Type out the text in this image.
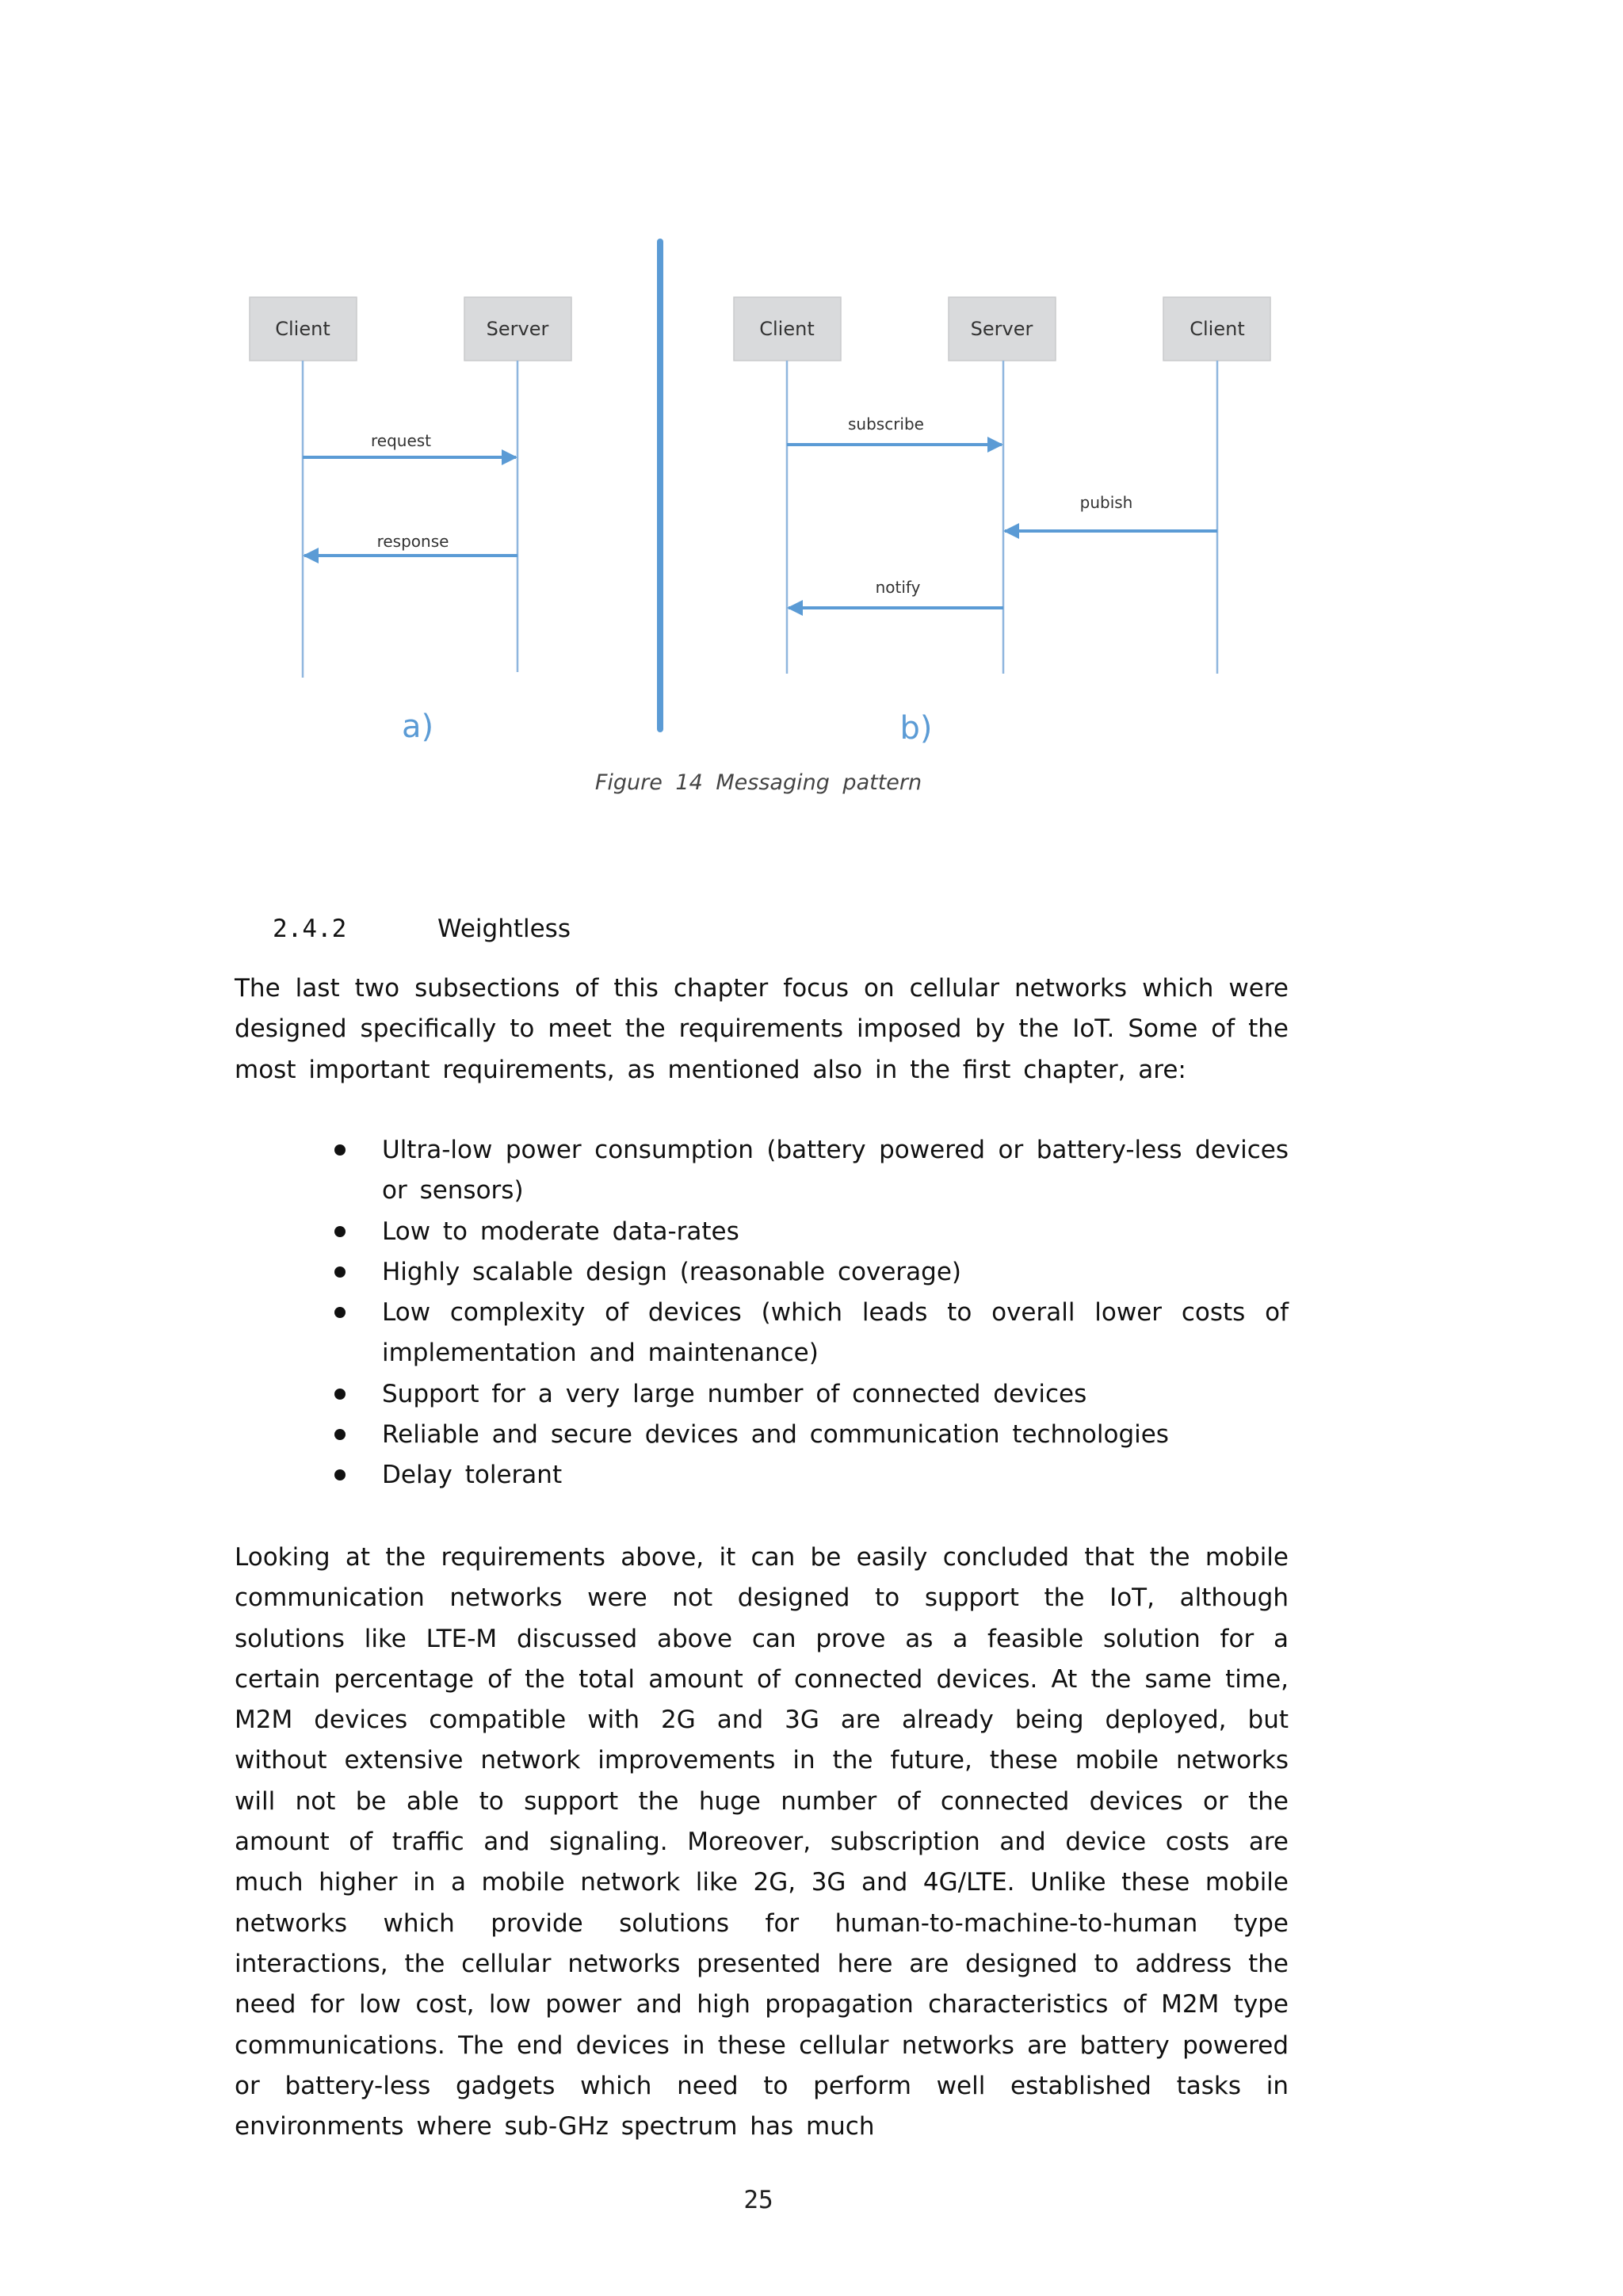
Client	Server
request
response
a)
Client	Server	Client
subscribe
pubish
notify
b)
Figure 14 Messaging pattern
2.4.2	Weightless

The last two subsections of this chapter focus on cellular networks which were designed specifically to meet the requirements imposed by the IoT. Some of the most important requirements, as mentioned also in the first chapter, are:

Ultra-low power consumption (battery powered or battery-less devices or sensors)
Low to moderate data-rates
Highly scalable design (reasonable coverage)
Low complexity of devices (which leads to overall lower costs of implementation and maintenance)
Support for a very large number of connected devices
Reliable and secure devices and communication technologies
Delay tolerant

Looking at the requirements above, it can be easily concluded that the mobile communication networks were not designed to support the IoT, although solutions like LTE-M discussed above can prove as a feasible solution for a certain percentage of the total amount of connected devices. At the same time, M2M devices compatible with 2G and 3G are already being deployed, but without extensive network improvements in the future, these mobile networks will not be able to support the huge number of connected devices or the amount of traffic and signaling. Moreover, subscription and device costs are much higher in a mobile network like 2G, 3G and 4G/LTE. Unlike these mobile networks which provide solutions for human-to-machine-to-human type interactions, the cellular networks presented here are designed to address the need for low cost, low power and high propagation characteristics of M2M type communications. The end devices in these cellular networks are battery powered or battery-less gadgets which need to perform well established tasks in environments where sub-GHz spectrum has much

25
